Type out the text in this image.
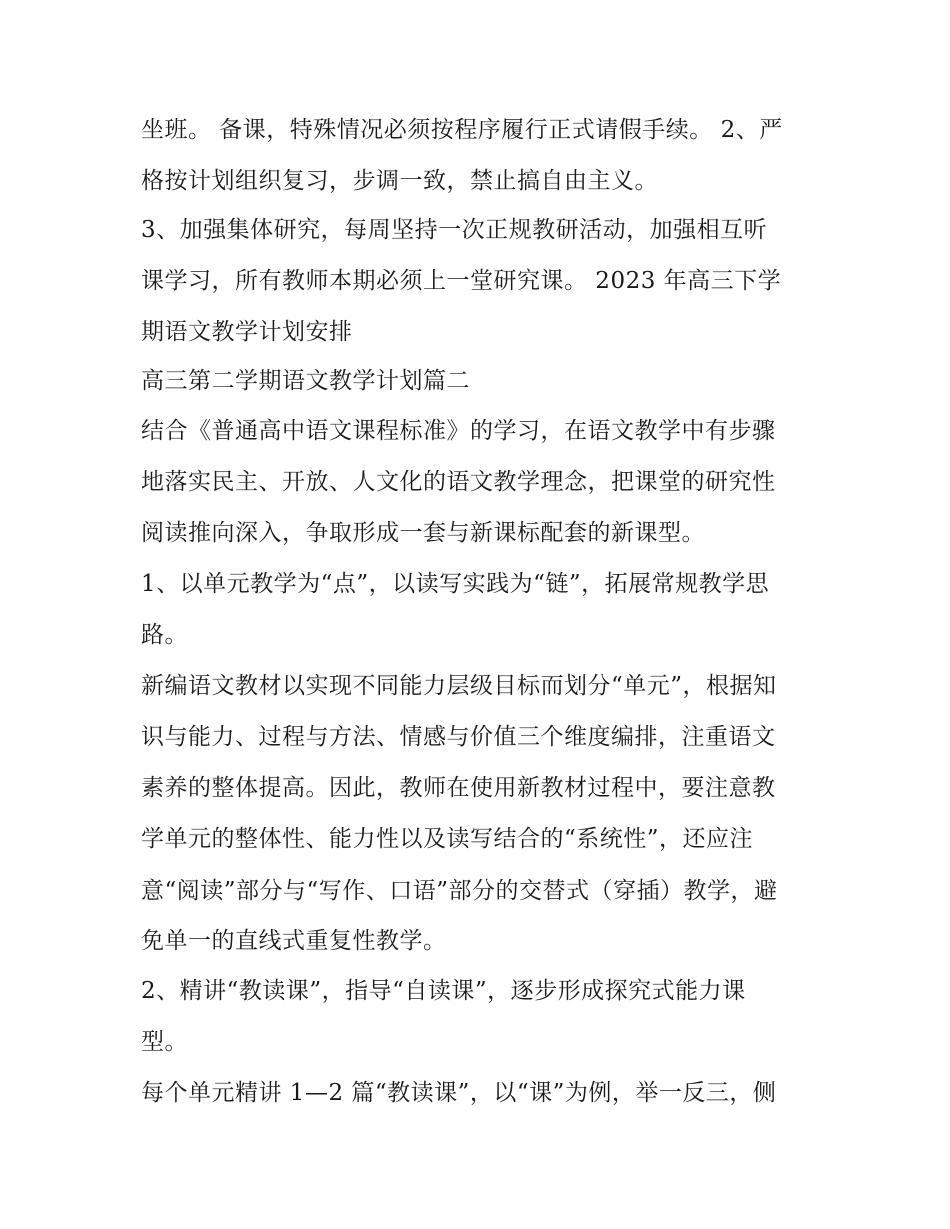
坐班。 备课，特殊情况必须按程序履行正式请假手续。 2、严
格按计划组织复习，步调一致，禁止搞自由主义。
3、加强集体研究，每周坚持一次正规教研活动，加强相互听
课学习，所有教师本期必须上一堂研究课。 2023 年高三下学
期语文教学计划安排
高三第二学期语文教学计划篇二
结合《普通高中语文课程标准》的学习，在语文教学中有步骤
地落实民主、开放、人文化的语文教学理念，把课堂的研究性
阅读推向深入，争取形成一套与新课标配套的新课型。
1、以单元教学为“点”，以读写实践为“链”，拓展常规教学思
路。
新编语文教材以实现不同能力层级目标而划分“单元”，根据知
识与能力、过程与方法、情感与价值三个维度编排，注重语文
素养的整体提高。因此，教师在使用新教材过程中，要注意教
学单元的整体性、能力性以及读写结合的“系统性”，还应注
意“阅读”部分与“写作、口语”部分的交替式（穿插）教学，避
免单一的直线式重复性教学。
2、精讲“教读课”，指导“自读课”，逐步形成探究式能力课
型。
每个单元精讲 1—2 篇“教读课”，以“课”为例，举一反三，侧
